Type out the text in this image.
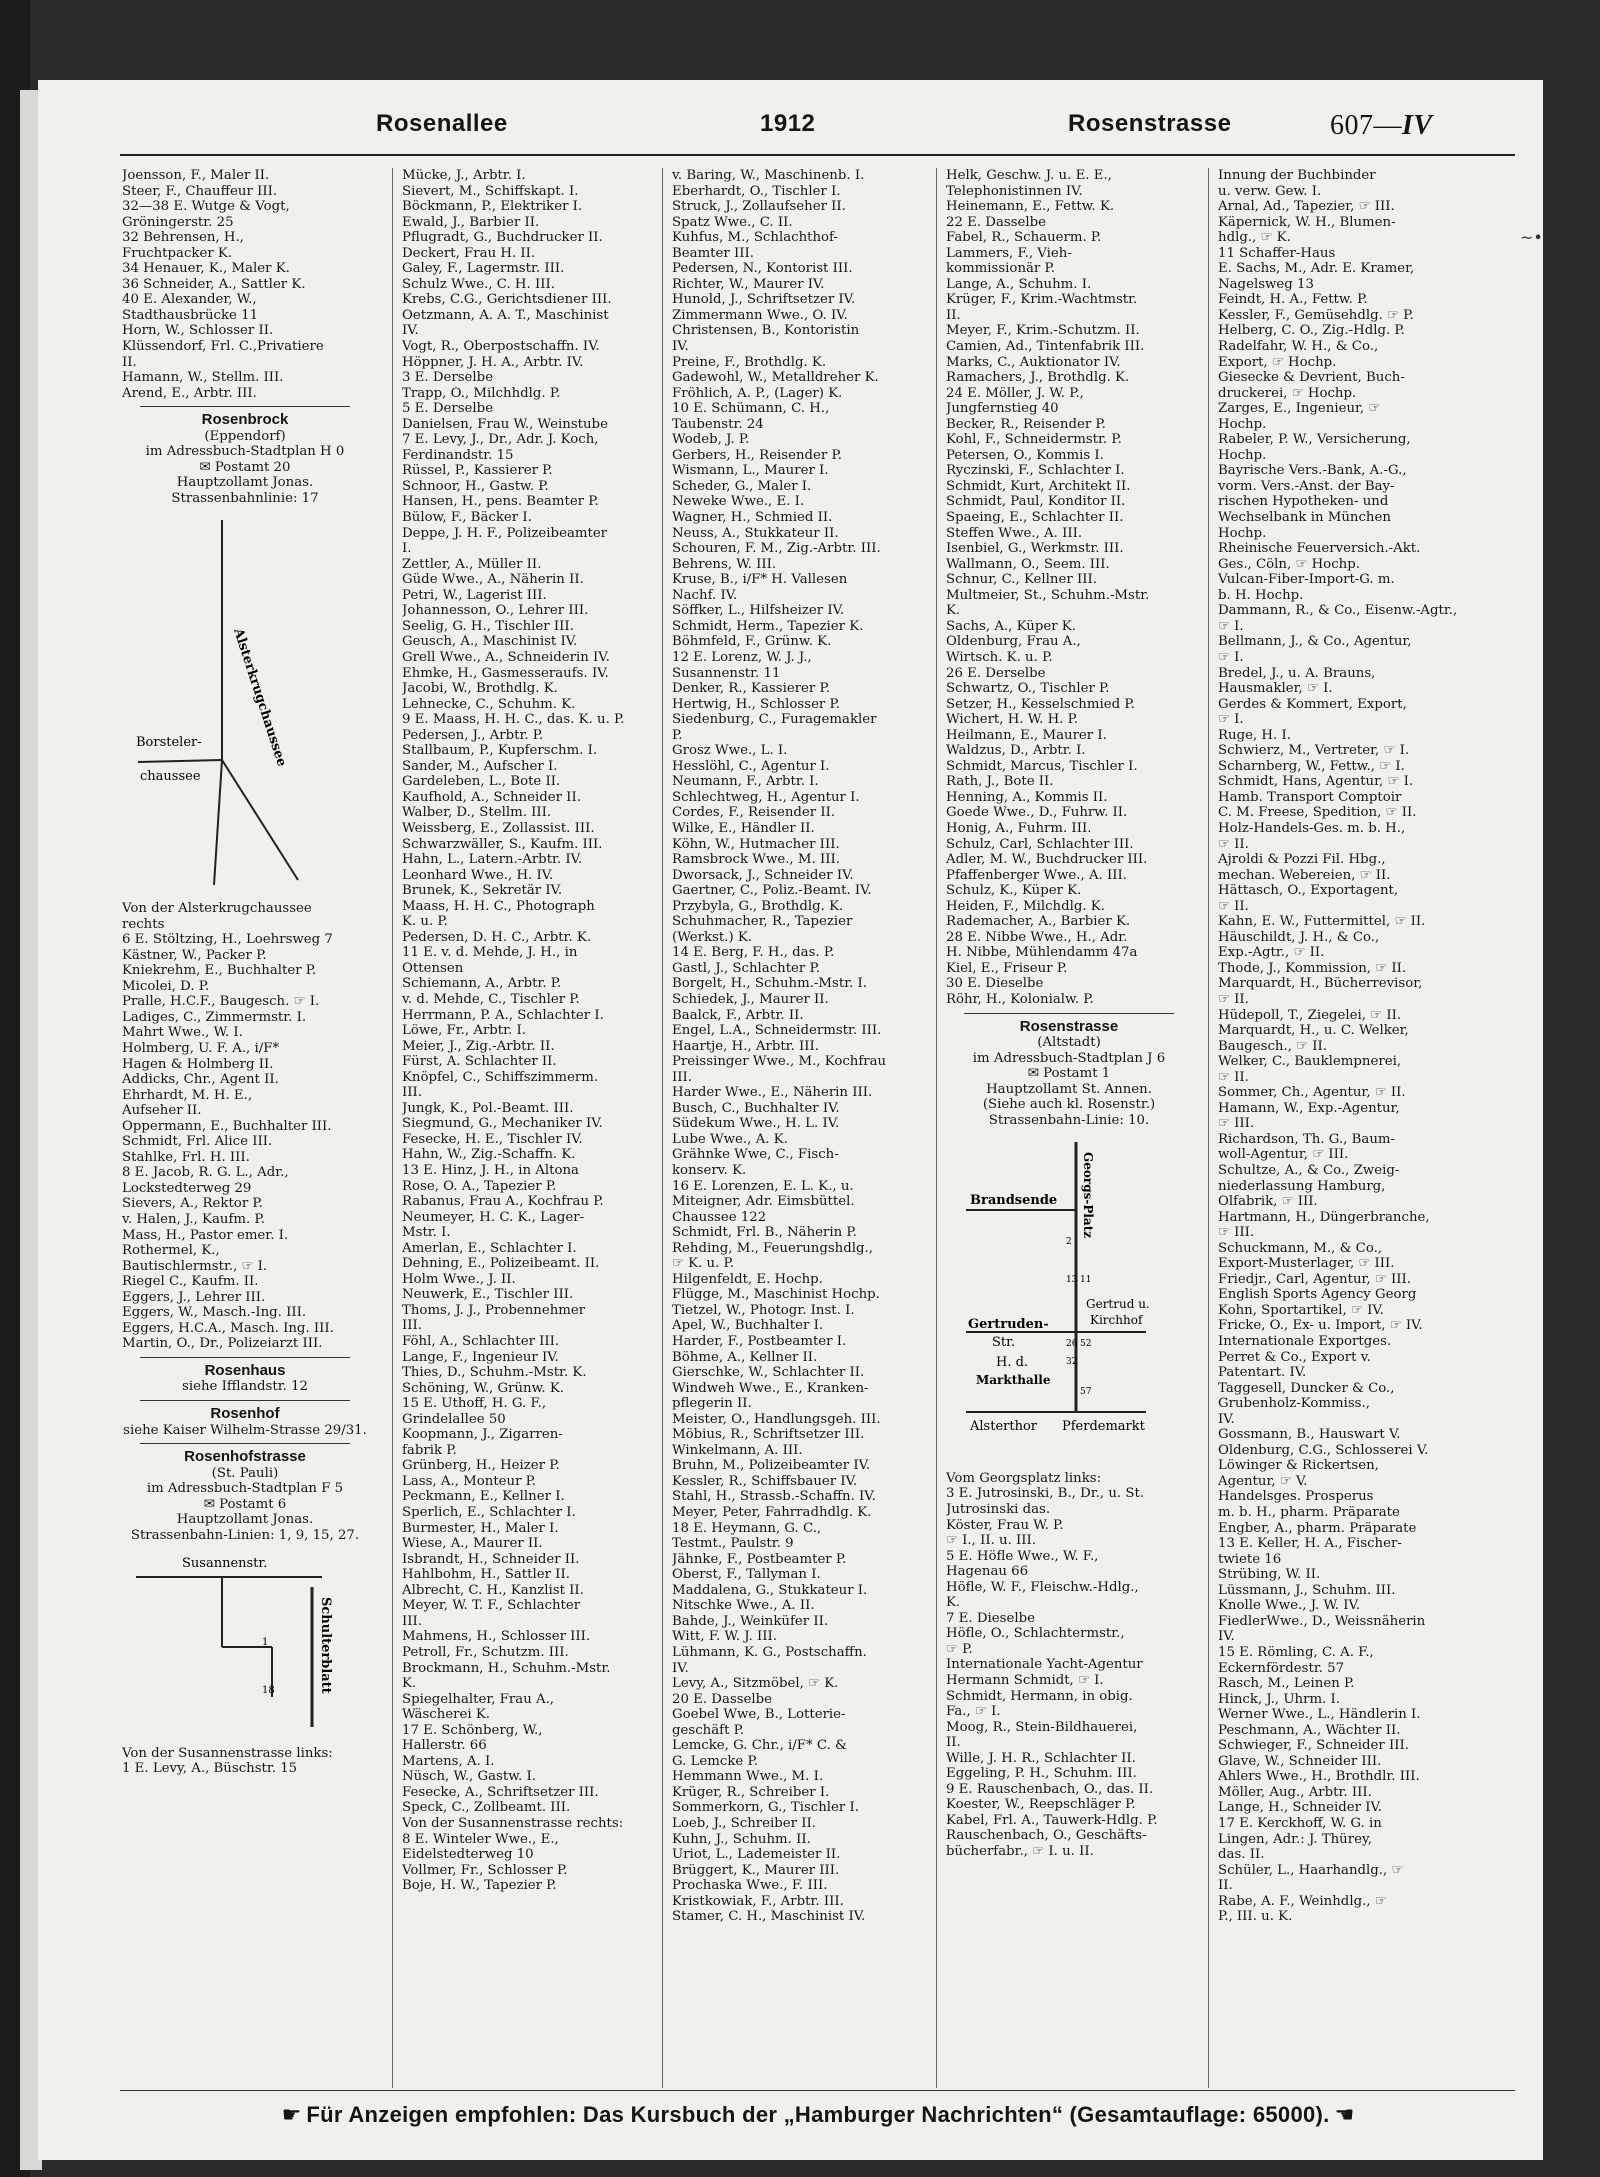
Rosenallee	1912	Rosenstrasse	607—IV
Joensson, F., Maler II.
Steer, F., Chauffeur III.
32—38 E. Wutge & Vogt,
Gröningerstr. 25
32 Behrensen, H.,
Fruchtpacker K.
34 Henauer, K., Maler K.
36 Schneider, A., Sattler K.
40 E. Alexander, W.,
Stadthausbrücke 11
Horn, W., Schlosser II.
Klüssendorf, Frl. C.,Privatiere
II.
Hamann, W., Stellm. III.
Arend, E., Arbtr. III.
Rosenbrock
(Eppendorf)
im Adressbuch-Stadtplan H 0
✉ Postamt 20
Hauptzollamt Jonas.
Strassenbahnlinie: 17
Alsterkrugchaussee
Borsteler-
chaussee
Von der Alsterkrugchaussee
rechts
6 E. Stöltzing, H., Loehrsweg 7
Kästner, W., Packer P.
Kniekrehm, E., Buchhalter P.
Micolei, D. P.
Pralle, H.C.F., Baugesch. ☞ I.
Ladiges, C., Zimmermstr. I.
Mahrt Wwe., W. I.
Holmberg, U. F. A., i/F*
Hagen & Holmberg II.
Addicks, Chr., Agent II.
Ehrhardt, M. H. E.,
Aufseher II.
Oppermann, E., Buchhalter III.
Schmidt, Frl. Alice III.
Stahlke, Frl. H. III.
8 E. Jacob, R. G. L., Adr.,
Lockstedterweg 29
Sievers, A., Rektor P.
v. Halen, J., Kaufm. P.
Mass, H., Pastor emer. I.
Rothermel, K.,
Bautischlermstr., ☞ I.
Riegel C., Kaufm. II.
Eggers, J., Lehrer III.
Eggers, W., Masch.-Ing. III.
Eggers, H.C.A., Masch. Ing. III.
Martin, O., Dr., Polizeiarzt III.
Rosenhaus
siehe Ifflandstr. 12
Rosenhof
siehe Kaiser Wilhelm-Strasse 29/31.
Rosenhofstrasse
(St. Pauli)
im Adressbuch-Stadtplan F 5
✉ Postamt 6
Hauptzollamt Jonas.
Strassenbahn-Linien: 1, 9, 15, 27.
Susannenstr.
Schulterblatt
1
18
Von der Susannenstrasse links:
1 E. Levy, A., Büschstr. 15
Mücke, J., Arbtr. I.
Sievert, M., Schiffskapt. I.
Böckmann, P., Elektriker I.
Ewald, J., Barbier II.
Pflugradt, G., Buchdrucker II.
Deckert, Frau H. II.
Galey, F., Lagermstr. III.
Schulz Wwe., C. H. III.
Krebs, C.G., Gerichtsdiener III.
Oetzmann, A. A. T., Maschinist
IV.
Vogt, R., Oberpostschaffn. IV.
Höppner, J. H. A., Arbtr. IV.
3 E. Derselbe
Trapp, O., Milchhdlg. P.
5 E. Derselbe
Danielsen, Frau W., Weinstube
7 E. Levy, J., Dr., Adr. J. Koch,
Ferdinandstr. 15
Rüssel, P., Kassierer P.
Schnoor, H., Gastw. P.
Hansen, H., pens. Beamter P.
Bülow, F., Bäcker I.
Deppe, J. H. F., Polizeibeamter
I.
Zettler, A., Müller II.
Güde Wwe., A., Näherin II.
Petri, W., Lagerist III.
Johannesson, O., Lehrer III.
Seelig, G. H., Tischler III.
Geusch, A., Maschinist IV.
Grell Wwe., A., Schneiderin IV.
Ehmke, H., Gasmesseraufs. IV.
Jacobi, W., Brothdlg. K.
Lehnecke, C., Schuhm. K.
9 E. Maass, H. H. C., das. K. u. P.
Pedersen, J., Arbtr. P.
Stallbaum, P., Kupferschm. I.
Sander, M., Aufscher I.
Gardeleben, L., Bote II.
Kaufhold, A., Schneider II.
Walber, D., Stellm. III.
Weissberg, E., Zollassist. III.
Schwarzwäller, S., Kaufm. III.
Hahn, L., Latern.-Arbtr. IV.
Leonhard Wwe., H. IV.
Brunek, K., Sekretär IV.
Maass, H. H. C., Photograph
K. u. P.
Pedersen, D. H. C., Arbtr. K.
11 E. v. d. Mehde, J. H., in
Ottensen
Schiemann, A., Arbtr. P.
v. d. Mehde, C., Tischler P.
Herrmann, P. A., Schlachter I.
Löwe, Fr., Arbtr. I.
Meier, J., Zig.-Arbtr. II.
Fürst, A. Schlachter II.
Knöpfel, C., Schiffszimmerm.
III.
Jungk, K., Pol.-Beamt. III.
Siegmund, G., Mechaniker IV.
Fesecke, H. E., Tischler IV.
Hahn, W., Zig.-Schaffn. K.
13 E. Hinz, J. H., in Altona
Rose, O. A., Tapezier P.
Rabanus, Frau A., Kochfrau P.
Neumeyer, H. C. K., Lager-
Mstr. I.
Amerlan, E., Schlachter I.
Dehning, E., Polizeibeamt. II.
Holm Wwe., J. II.
Neuwerk, E., Tischler III.
Thoms, J. J., Probennehmer
III.
Föhl, A., Schlachter III.
Lange, F., Ingenieur IV.
Thies, D., Schuhm.-Mstr. K.
Schöning, W., Grünw. K.
15 E. Uthoff, H. G. F.,
Grindelallee 50
Koopmann, J., Zigarren-
fabrik P.
Grünberg, H., Heizer P.
Lass, A., Monteur P.
Peckmann, E., Kellner I.
Sperlich, E., Schlachter I.
Burmester, H., Maler I.
Wiese, A., Maurer II.
Isbrandt, H., Schneider II.
Hahlbohm, H., Sattler II.
Albrecht, C. H., Kanzlist II.
Meyer, W. T. F., Schlachter
III.
Mahmens, H., Schlosser III.
Petroll, Fr., Schutzm. III.
Brockmann, H., Schuhm.-Mstr.
K.
Spiegelhalter, Frau A.,
Wäscherei K.
17 E. Schönberg, W.,
Hallerstr. 66
Martens, A. I.
Nüsch, W., Gastw. I.
Fesecke, A., Schriftsetzer III.
Speck, C., Zollbeamt. III.
Von der Susannenstrasse rechts:
8 E. Winteler Wwe., E.,
Eidelstedterweg 10
Vollmer, Fr., Schlosser P.
Boje, H. W., Tapezier P.
v. Baring, W., Maschinenb. I.
Eberhardt, O., Tischler I.
Struck, J., Zollaufseher II.
Spatz Wwe., C. II.
Kuhfus, M., Schlachthof-
Beamter III.
Pedersen, N., Kontorist III.
Richter, W., Maurer IV.
Hunold, J., Schriftsetzer IV.
Zimmermann Wwe., O. IV.
Christensen, B., Kontoristin
IV.
Preine, F., Brothdlg. K.
Gadewohl, W., Metalldreher K.
Fröhlich, A. P., (Lager) K.
10 E. Schümann, C. H.,
Taubenstr. 24
Wodeb, J. P.
Gerbers, H., Reisender P.
Wismann, L., Maurer I.
Scheder, G., Maler I.
Neweke Wwe., E. I.
Wagner, H., Schmied II.
Neuss, A., Stukkateur II.
Schouren, F. M., Zig.-Arbtr. III.
Behrens, W. III.
Kruse, B., i/F* H. Vallesen
Nachf. IV.
Söffker, L., Hilfsheizer IV.
Schmidt, Herm., Tapezier K.
Böhmfeld, F., Grünw. K.
12 E. Lorenz, W. J. J.,
Susannenstr. 11
Denker, R., Kassierer P.
Hertwig, H., Schlosser P.
Siedenburg, C., Furagemakler
P.
Grosz Wwe., L. I.
Hesslöhl, C., Agentur I.
Neumann, F., Arbtr. I.
Schlechtweg, H., Agentur I.
Cordes, F., Reisender II.
Wilke, E., Händler II.
Köhn, W., Hutmacher III.
Ramsbrock Wwe., M. III.
Dworsack, J., Schneider IV.
Gaertner, C., Poliz.-Beamt. IV.
Przybyla, G., Brothdlg. K.
Schuhmacher, R., Tapezier
(Werkst.) K.
14 E. Berg, F. H., das. P.
Gastl, J., Schlachter P.
Borgelt, H., Schuhm.-Mstr. I.
Schiedek, J., Maurer II.
Baalck, F., Arbtr. II.
Engel, L.A., Schneidermstr. III.
Haartje, H., Arbtr. III.
Preissinger Wwe., M., Kochfrau
III.
Harder Wwe., E., Näherin III.
Busch, C., Buchhalter IV.
Südekum Wwe., H. L. IV.
Lube Wwe., A. K.
Grähnke Wwe, C., Fisch-
konserv. K.
16 E. Lorenzen, E. L. K., u.
Miteigner, Adr. Eimsbüttel.
Chaussee 122
Schmidt, Frl. B., Näherin P.
Rehding, M., Feuerungshdlg.,
☞ K. u. P.
Hilgenfeldt, E. Hochp.
Flügge, M., Maschinist Hochp.
Tietzel, W., Photogr. Inst. I.
Apel, W., Buchhalter I.
Harder, F., Postbeamter I.
Böhme, A., Kellner II.
Gierschke, W., Schlachter II.
Windweh Wwe., E., Kranken-
pflegerin II.
Meister, O., Handlungsgeh. III.
Möbius, R., Schriftsetzer III.
Winkelmann, A. III.
Bruhn, M., Polizeibeamter IV.
Kessler, R., Schiffsbauer IV.
Stahl, H., Strassb.-Schaffn. IV.
Meyer, Peter, Fahrradhdlg. K.
18 E. Heymann, G. C.,
Testmt., Paulstr. 9
Jähnke, F., Postbeamter P.
Oberst, F., Tallyman I.
Maddalena, G., Stukkateur I.
Nitschke Wwe., A. II.
Bahde, J., Weinküfer II.
Witt, F. W. J. III.
Lühmann, K. G., Postschaffn.
IV.
Levy, A., Sitzmöbel, ☞ K.
20 E. Dasselbe
Goebel Wwe, B., Lotterie-
geschäft P.
Lemcke, G. Chr., i/F* C. &
G. Lemcke P.
Hemmann Wwe., M. I.
Krüger, R., Schreiber I.
Sommerkorn, G., Tischler I.
Loeb, J., Schreiber II.
Kuhn, J., Schuhm. II.
Uriot, L., Lademeister II.
Brüggert, K., Maurer III.
Prochaska Wwe., F. III.
Kristkowiak, F., Arbtr. III.
Stamer, C. H., Maschinist IV.
Helk, Geschw. J. u. E. E.,
Telephonistinnen IV.
Heinemann, E., Fettw. K.
22 E. Dasselbe
Fabel, R., Schauerm. P.
Lammers, F., Vieh-
kommissionär P.
Lange, A., Schuhm. I.
Krüger, F., Krim.-Wachtmstr.
II.
Meyer, F., Krim.-Schutzm. II.
Camien, Ad., Tintenfabrik III.
Marks, C., Auktionator IV.
Ramachers, J., Brothdlg. K.
24 E. Möller, J. W. P.,
Jungfernstieg 40
Becker, R., Reisender P.
Kohl, F., Schneidermstr. P.
Petersen, O., Kommis I.
Ryczinski, F., Schlachter I.
Schmidt, Kurt, Architekt II.
Schmidt, Paul, Konditor II.
Spaeing, E., Schlachter II.
Steffen Wwe., A. III.
Isenbiel, G., Werkmstr. III.
Wallmann, O., Seem. III.
Schnur, C., Kellner III.
Multmeier, St., Schuhm.-Mstr.
K.
Sachs, A., Küper K.
Oldenburg, Frau A.,
Wirtsch. K. u. P.
26 E. Derselbe
Schwartz, O., Tischler P.
Setzer, H., Kesselschmied P.
Wichert, H. W. H. P.
Heilmann, E., Maurer I.
Waldzus, D., Arbtr. I.
Schmidt, Marcus, Tischler I.
Rath, J., Bote II.
Henning, A., Kommis II.
Goede Wwe., D., Fuhrw. II.
Honig, A., Fuhrm. III.
Schulz, Carl, Schlachter III.
Adler, M. W., Buchdrucker III.
Pfaffenberger Wwe., A. III.
Schulz, K., Küper K.
Heiden, F., Milchdlg. K.
Rademacher, A., Barbier K.
28 E. Nibbe Wwe., H., Adr.
H. Nibbe, Mühlendamm 47a
Kiel, E., Friseur P.
30 E. Dieselbe
Röhr, H., Kolonialw. P.
Rosenstrasse
(Altstadt)
im Adressbuch-Stadtplan J 6
✉ Postamt 1
Hauptzollamt St. Annen.
(Siehe auch kl. Rosenstr.)
Strassenbahn-Linie: 10.
Georgs-Platz
Brandsende
Gertruden-
Str.
Gertrud u.
Kirchhof
H. d.
Markthalle
Alsterthor Pferdemarkt
2
13
26
32
11
52
57
Vom Georgsplatz links:
3 E. Jutrosinski, B., Dr., u. St.
Jutrosinski das.
Köster, Frau W. P.
☞ I., II. u. III.
5 E. Höfle Wwe., W. F.,
Hagenau 66
Höfle, W. F., Fleischw.-Hdlg.,
K.
7 E. Dieselbe
Höfle, O., Schlachtermstr.,
☞ P.
Internationale Yacht-Agentur
Hermann Schmidt, ☞ I.
Schmidt, Hermann, in obig.
Fa., ☞ I.
Moog, R., Stein-Bildhauerei,
II.
Wille, J. H. R., Schlachter II.
Eggeling, P. H., Schuhm. III.
9 E. Rauschenbach, O., das. II.
Koester, W., Reepschläger P.
Kabel, Frl. A., Tauwerk-Hdlg. P.
Rauschenbach, O., Geschäfts-
bücherfabr., ☞ I. u. II.
Innung der Buchbinder
u. verw. Gew. I.
Arnal, Ad., Tapezier, ☞ III.
Käpernick, W. H., Blumen-
hdlg., ☞ K.
11 Schaffer-Haus
E. Sachs, M., Adr. E. Kramer,
Nagelsweg 13
Feindt, H. A., Fettw. P.
Kessler, F., Gemüsehdlg. ☞ P.
Helberg, C. O., Zig.-Hdlg. P.
Radelfahr, W. H., & Co.,
Export, ☞ Hochp.
Giesecke & Devrient, Buch-
druckerei, ☞ Hochp.
Zarges, E., Ingenieur, ☞
Hochp.
Rabeler, P. W., Versicherung,
Hochp.
Bayrische Vers.-Bank, A.-G.,
vorm. Vers.-Anst. der Bay-
rischen Hypotheken- und
Wechselbank in München
Hochp.
Rheinische Feuerversich.-Akt.
Ges., Cöln, ☞ Hochp.
Vulcan-Fiber-Import-G. m.
b. H. Hochp.
Dammann, R., & Co., Eisenw.-Agtr.,
☞ I.
Bellmann, J., & Co., Agentur,
☞ I.
Bredel, J., u. A. Brauns,
Hausmakler, ☞ I.
Gerdes & Kommert, Export,
☞ I.
Ruge, H. I.
Schwierz, M., Vertreter, ☞ I.
Scharnberg, W., Fettw., ☞ I.
Schmidt, Hans, Agentur, ☞ I.
Hamb. Transport Comptoir
C. M. Freese, Spedition, ☞ II.
Holz-Handels-Ges. m. b. H.,
☞ II.
Ajroldi & Pozzi Fil. Hbg.,
mechan. Webereien, ☞ II.
Hättasch, O., Exportagent,
☞ II.
Kahn, E. W., Futtermittel, ☞ II.
Häuschildt, J. H., & Co.,
Exp.-Agtr., ☞ II.
Thode, J., Kommission, ☞ II.
Marquardt, H., Bücherrevisor,
☞ II.
Hüdepoll, T., Ziegelei, ☞ II.
Marquardt, H., u. C. Welker,
Baugesch., ☞ II.
Welker, C., Bauklempnerei,
☞ II.
Sommer, Ch., Agentur, ☞ II.
Hamann, W., Exp.-Agentur,
☞ III.
Richardson, Th. G., Baum-
woll-Agentur, ☞ III.
Schultze, A., & Co., Zweig-
niederlassung Hamburg,
Olfabrik, ☞ III.
Hartmann, H., Düngerbranche,
☞ III.
Schuckmann, M., & Co.,
Export-Musterlager, ☞ III.
Friedjr., Carl, Agentur, ☞ III.
English Sports Agency Georg
Kohn, Sportartikel, ☞ IV.
Fricke, O., Ex- u. Import, ☞ IV.
Internationale Exportges.
Perret & Co., Export v.
Patentart. IV.
Taggesell, Duncker & Co.,
Grubenholz-Kommiss.,
IV.
Gossmann, B., Hauswart V.
Oldenburg, C.G., Schlosserei V.
Löwinger & Rickertsen,
Agentur, ☞ V.
Handelsges. Prosperus
m. b. H., pharm. Präparate
Engber, A., pharm. Präparate
13 E. Keller, H. A., Fischer-
twiete 16
Strübing, W. II.
Lüssmann, J., Schuhm. III.
Knolle Wwe., J. W. IV.
FiedlerWwe., D., Weissnäherin
IV.
15 E. Römling, C. A. F.,
Eckernfördestr. 57
Rasch, M., Leinen P.
Hinck, J., Uhrm. I.
Werner Wwe., L., Händlerin I.
Peschmann, A., Wächter II.
Schwieger, F., Schneider III.
Glave, W., Schneider III.
Ahlers Wwe., H., Brothdlr. III.
Möller, Aug., Arbtr. III.
Lange, H., Schneider IV.
17 E. Kerckhoff, W. G. in
Lingen, Adr.: J. Thürey,
das. II.
Schüler, L., Haarhandlg., ☞
II.
Rabe, A. F., Weinhdlg., ☞
P., III. u. K.
☛ Für Anzeigen empfohlen: Das Kursbuch der „Hamburger Nachrichten“ (Gesamtauflage: 65000). ☚
~•
